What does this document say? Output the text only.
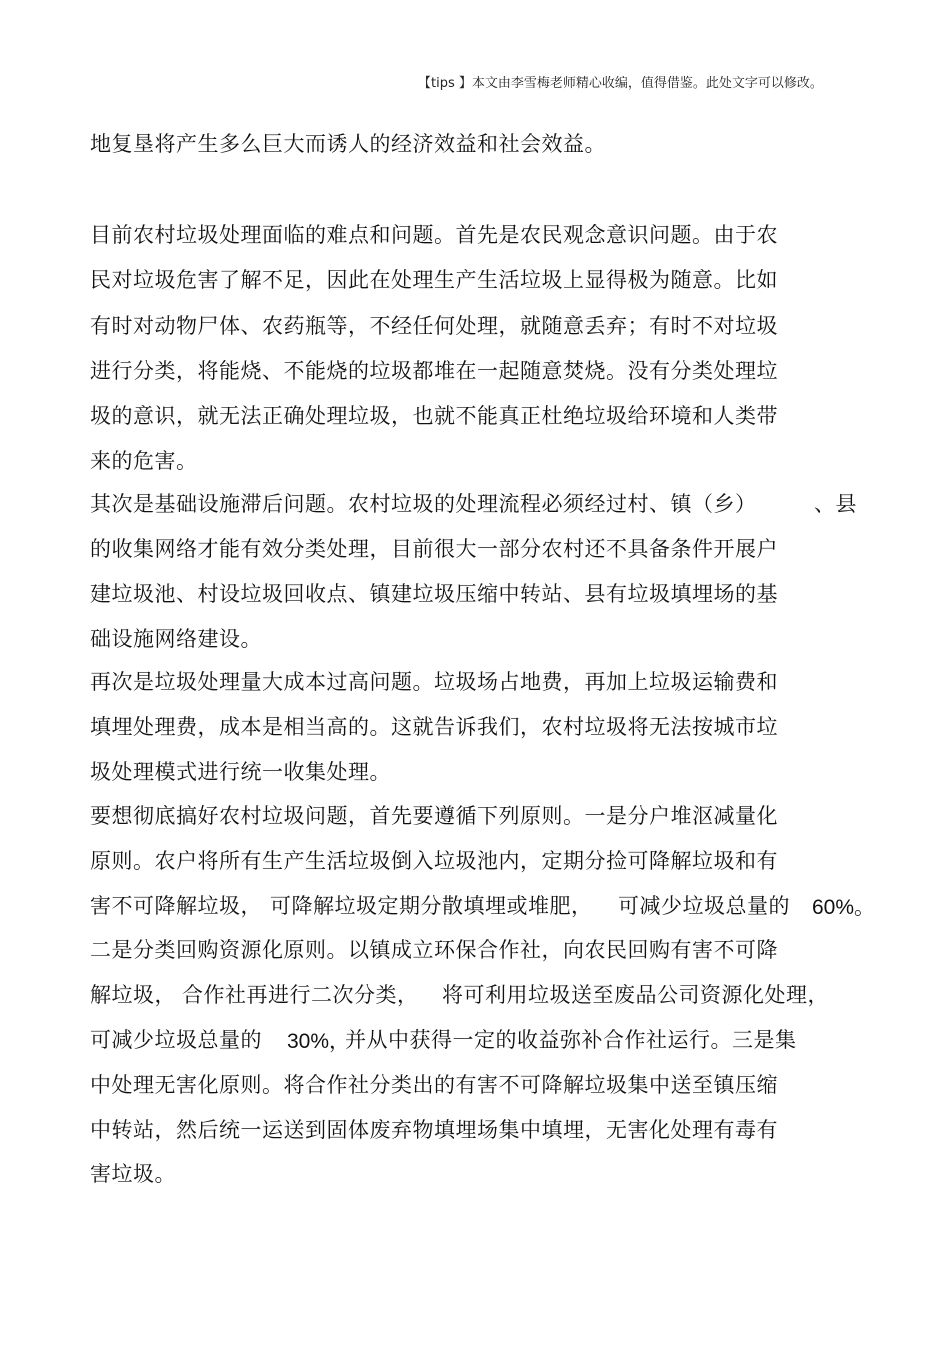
【tips 】本文由李雪梅老师精心收编，值得借鉴。此处文字可以修改。
地复垦将产生多么巨大而诱人的经济效益和社会效益。
目前农村垃圾处理面临的难点和问题。首先是农民观念意识问题。由于农
民对垃圾危害了解不足，因此在处理生产生活垃圾上显得极为随意。比如
有时对动物尸体、农药瓶等，不经任何处理，就随意丢弃；有时不对垃圾
进行分类，将能烧、不能烧的垃圾都堆在一起随意焚烧。没有分类处理垃
圾的意识，就无法正确处理垃圾，也就不能真正杜绝垃圾给环境和人类带
来的危害。
其次是基础设施滞后问题。农村垃圾的处理流程必须经过村、镇（乡）	、县
的收集网络才能有效分类处理，目前很大一部分农村还不具备条件开展户
建垃圾池、村设垃圾回收点、镇建垃圾压缩中转站、县有垃圾填埋场的基
础设施网络建设。
再次是垃圾处理量大成本过高问题。垃圾场占地费，再加上垃圾运输费和
填埋处理费，成本是相当高的。这就告诉我们，农村垃圾将无法按城市垃
圾处理模式进行统一收集处理。
要想彻底搞好农村垃圾问题，首先要遵循下列原则。一是分户堆沤减量化
原则。农户将所有生产生活垃圾倒入垃圾池内，定期分捡可降解垃圾和有
害不可降解垃圾， 可降解垃圾定期分散填埋或堆肥， 可减少垃圾总量的 60%。
二是分类回购资源化原则。以镇成立环保合作社，向农民回购有害不可降
解垃圾， 合作社再进行二次分类， 将可利用垃圾送至废品公司资源化处理，
可减少垃圾总量的 30%，
并从中获得一定的收益弥补合作社运行。三是集
中处理无害化原则。将合作社分类出的有害不可降解垃圾集中送至镇压缩
中转站，然后统一运送到固体废弃物填埋场集中填埋，无害化处理有毒有
害垃圾。
